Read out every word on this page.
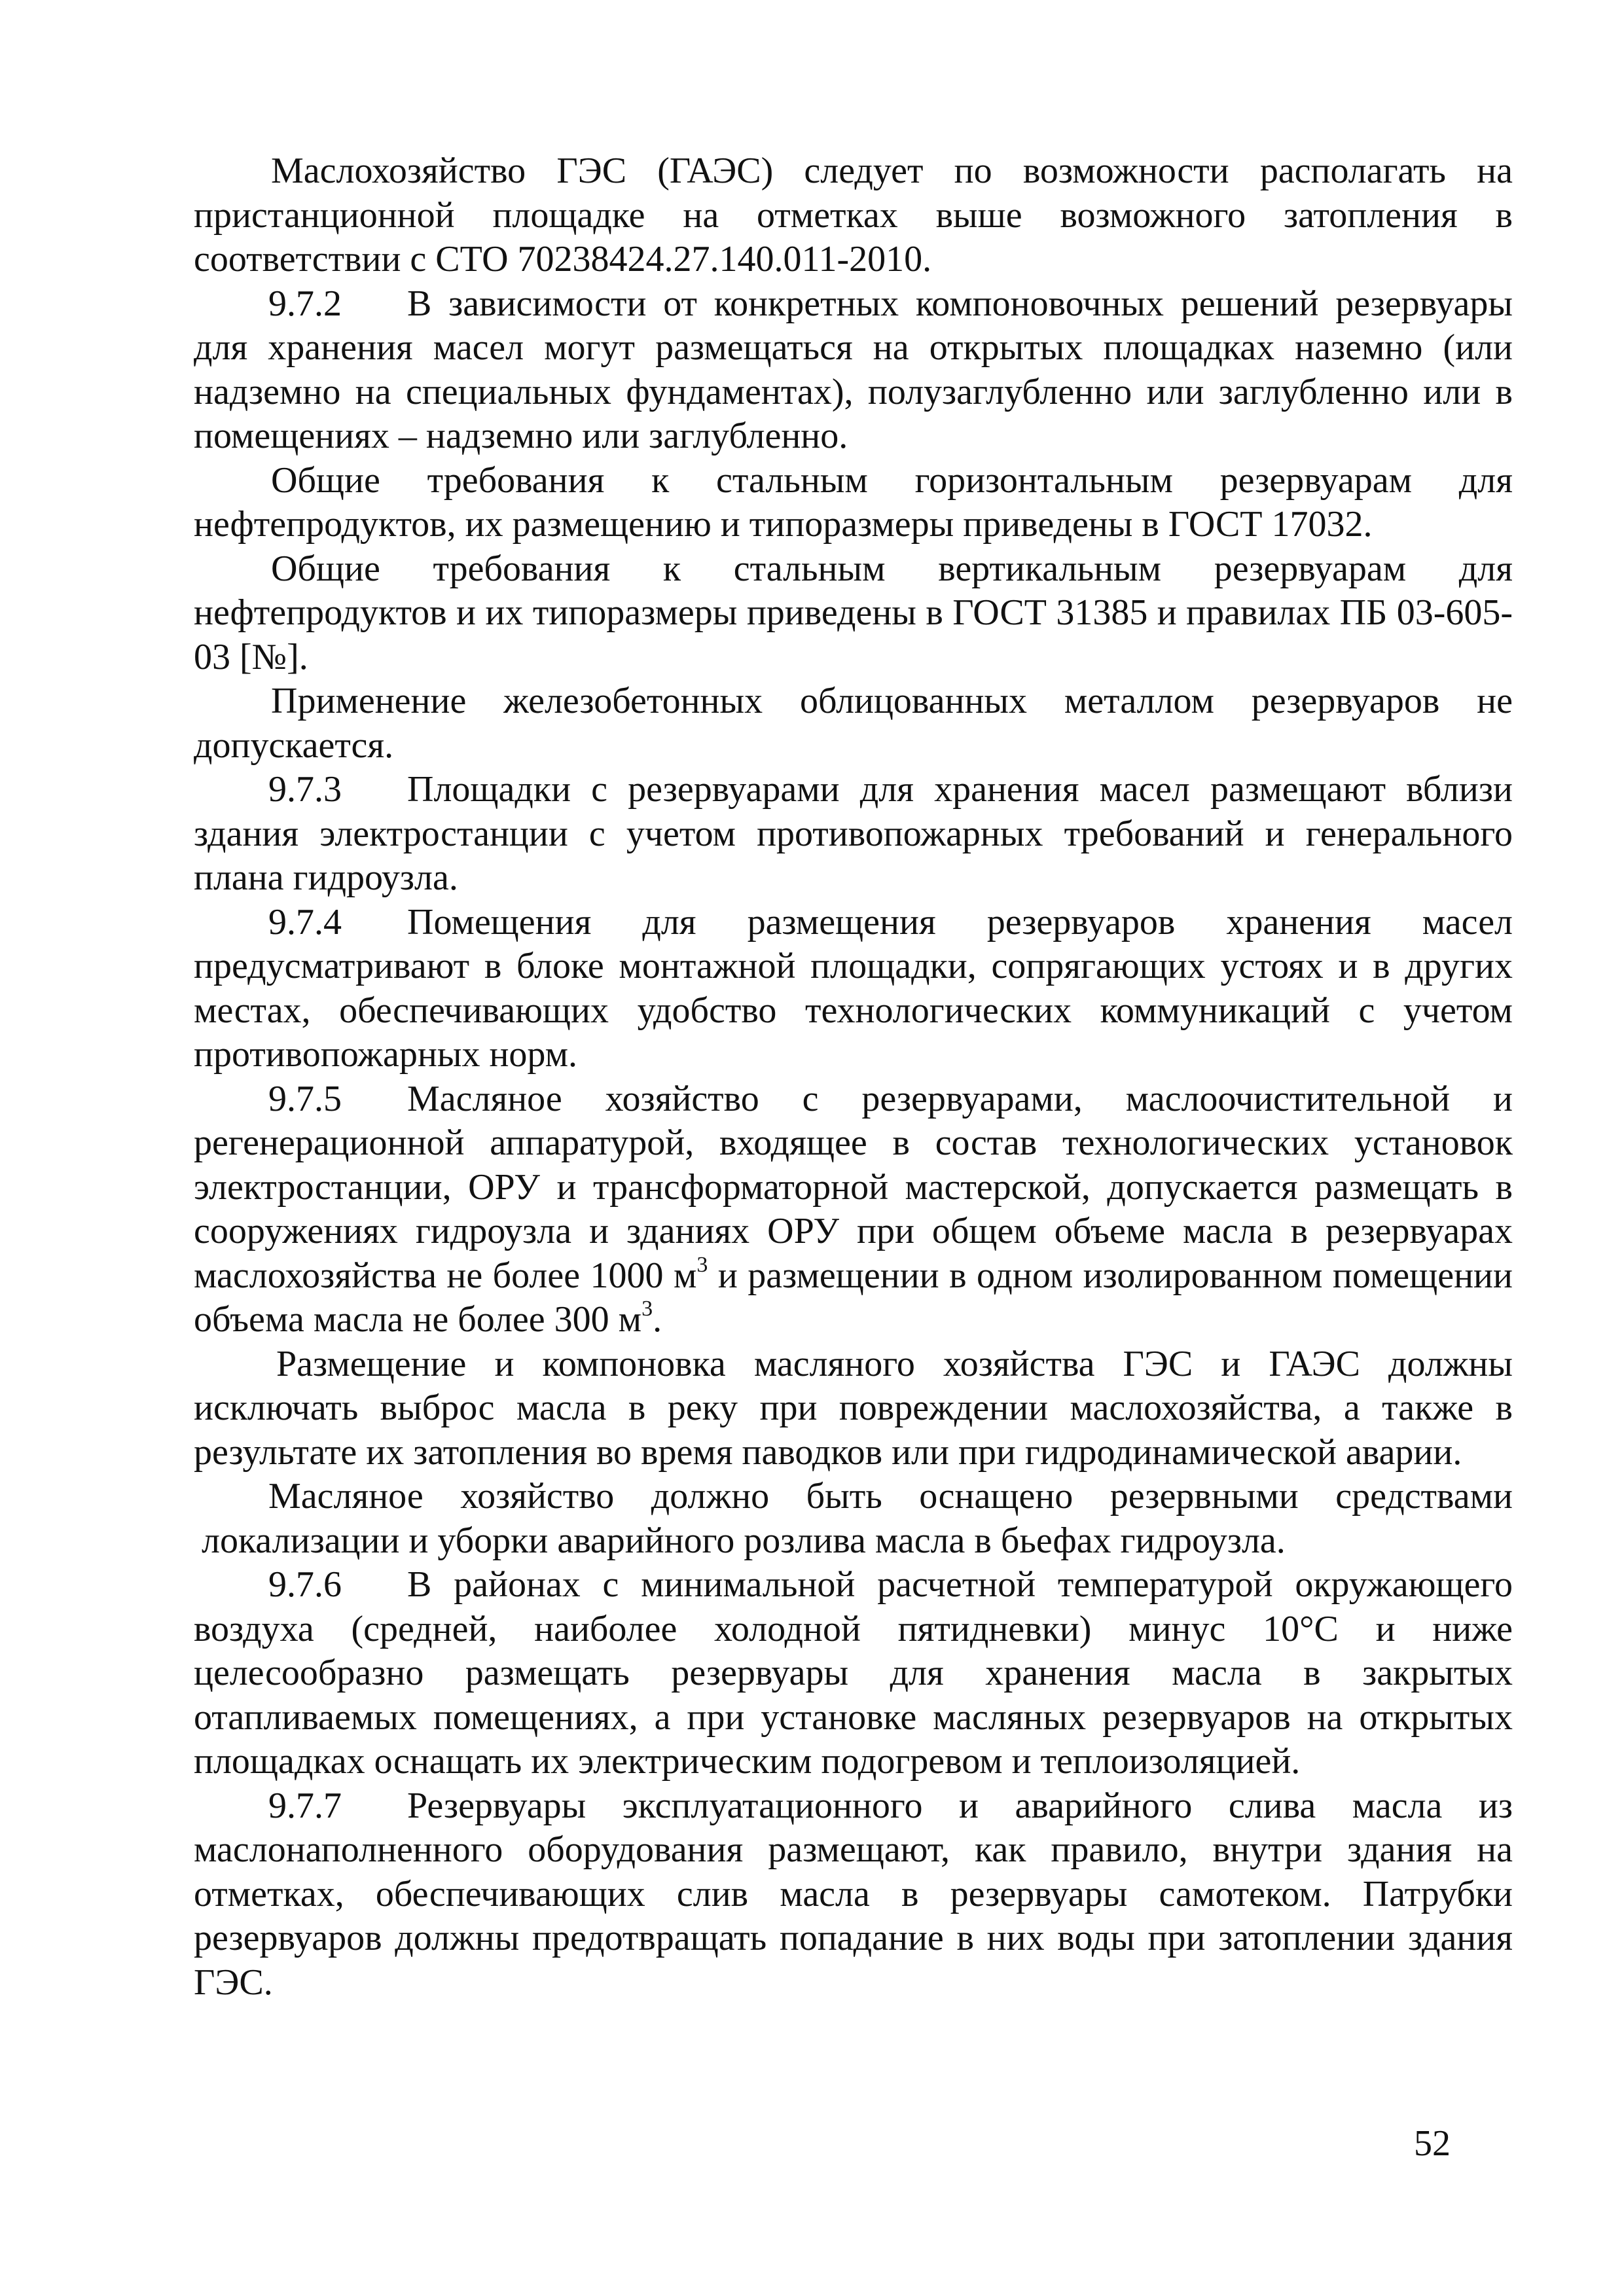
Маслохозяйство ГЭС (ГАЭС) следует по возможности располагать на пристанционной площадке на отметках выше возможного затопления в соответствии с СТО 70238424.27.140.011-2010.

9.7.2 В зависимости от конкретных компоновочных решений резервуары для хранения масел могут размещаться на открытых площадках наземно (или надземно на специальных фундаментах), полузаглубленно или заглубленно или в помещениях – надземно или заглубленно.

Общие требования к стальным горизонтальным резервуарам для нефтепродуктов, их размещению и типоразмеры приведены в ГОСТ 17032.

Общие требования к стальным вертикальным резервуарам для нефтепродуктов и их типоразмеры приведены в ГОСТ 31385 и правилах ПБ 03-605-03 [№].

Применение железобетонных облицованных металлом резервуаров не допускается.

9.7.3 Площадки с резервуарами для хранения масел размещают вблизи здания электростанции с учетом противопожарных требований и генерального плана гидроузла.

9.7.4 Помещения для размещения резервуаров хранения масел предусматривают в блоке монтажной площадки, сопрягающих устоях и в других местах, обеспечивающих удобство технологических коммуникаций с учетом противопожарных норм.

9.7.5 Масляное хозяйство с резервуарами, маслоочистительной и регенерационной аппаратурой, входящее в состав технологических установок электростанции, ОРУ и трансформаторной мастерской, допускается размещать в сооружениях гидроузла и зданиях ОРУ при общем объеме масла в резервуарах маслохозяйства не более 1000 $м^3$ и размещении в одном изолированном помещении объема масла не более 300 $м^3$.

Размещение и компоновка масляного хозяйства ГЭС и ГАЭС должны исключать выброс масла в реку при повреждении маслохозяйства, а также в результате их затопления во время паводков или при гидродинамической аварии.

Масляное хозяйство должно быть оснащено резервными средствами локализации и уборки аварийного розлива масла в бьефах гидроузла.

9.7.6 В районах с минимальной расчетной температурой окружающего воздуха (средней, наиболее холодной пятидневки) минус 10°С и ниже целесообразно размещать резервуары для хранения масла в закрытых отапливаемых помещениях, а при установке масляных резервуаров на открытых площадках оснащать их электрическим подогревом и теплоизоляцией.

9.7.7 Резервуары эксплуатационного и аварийного слива масла из маслонаполненного оборудования размещают, как правило, внутри здания на отметках, обеспечивающих слив масла в резервуары самотеком. Патрубки резервуаров должны предотвращать попадание в них воды при затоплении здания ГЭС.

52
